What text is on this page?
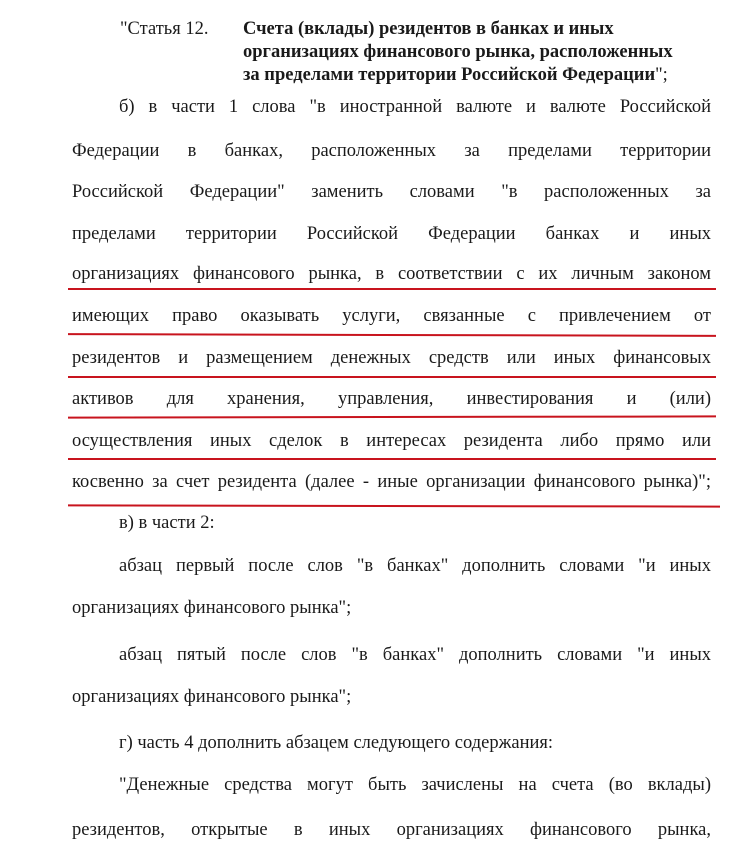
"Статья 12. Счета (вклады) резидентов в банках и иных
организациях финансового рынка, расположенных
за пределами территории Российской Федерации";
б) в части 1 слова "в иностранной валюте и валюте Российской
Федерации в банках, расположенных за пределами территории
Российской Федерации" заменить словами "в расположенных за
пределами территории Российской Федерации банках и иных
организациях финансового рынка, в соответствии с их личным законом
имеющих право оказывать услуги, связанные с привлечением от
резидентов и размещением денежных средств или иных финансовых
активов для хранения, управления, инвестирования и (или)
осуществления иных сделок в интересах резидента либо прямо или
косвенно за счет резидента (далее - иные организации финансового рынка)";
в) в части 2:
абзац первый после слов "в банках" дополнить словами "и иных
организациях финансового рынка";
абзац пятый после слов "в банках" дополнить словами "и иных
организациях финансового рынка";
г) часть 4 дополнить абзацем следующего содержания:
"Денежные средства могут быть зачислены на счета (во вклады)
резидентов, открытые в иных организациях финансового рынка,
